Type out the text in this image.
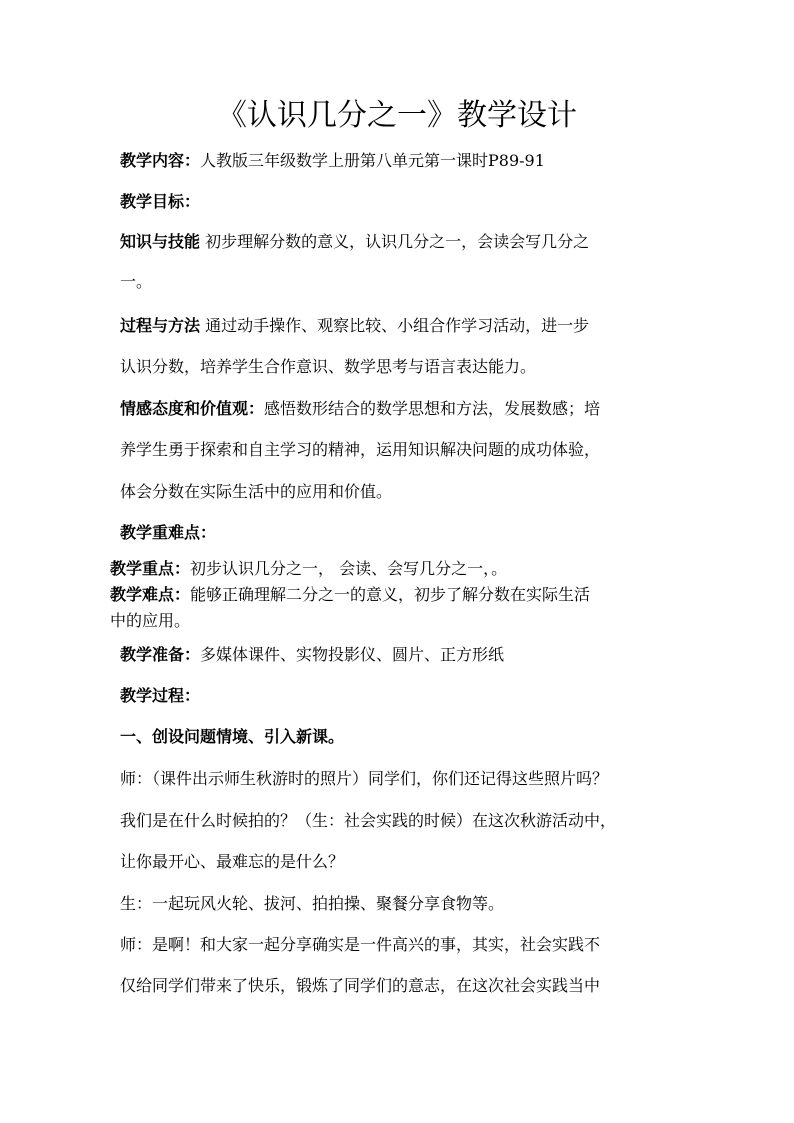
《认识几分之一》教学设计
教学内容：人教版三年级数学上册第八单元第一课时P89-91
教学目标：
知识与技能 初步理解分数的意义，认识几分之一，会读会写几分之
一。
过程与方法 通过动手操作、观察比较、小组合作学习活动，进一步
认识分数，培养学生合作意识、数学思考与语言表达能力。
情感态度和价值观：感悟数形结合的数学思想和方法，发展数感；培
养学生勇于探索和自主学习的精神，运用知识解决问题的成功体验，
体会分数在实际生活中的应用和价值。
教学重难点：
教学重点：初步认识几分之一， 会读、会写几分之一，。
教学难点：能够正确理解二分之一的意义，初步了解分数在实际生活
中的应用。
教学准备：多媒体课件、实物投影仪、圆片、正方形纸
教学过程：
一、创设问题情境、引入新课。
师：（课件出示师生秋游时的照片）同学们，你们还记得这些照片吗？
我们是在什么时候拍的？（生：社会实践的时候）在这次秋游活动中，
让你最开心、最难忘的是什么？
生：一起玩风火轮、拔河、拍拍操、聚餐分享食物等。
师：是啊！和大家一起分享确实是一件高兴的事，其实，社会实践不
仅给同学们带来了快乐，锻炼了同学们的意志，在这次社会实践当中
